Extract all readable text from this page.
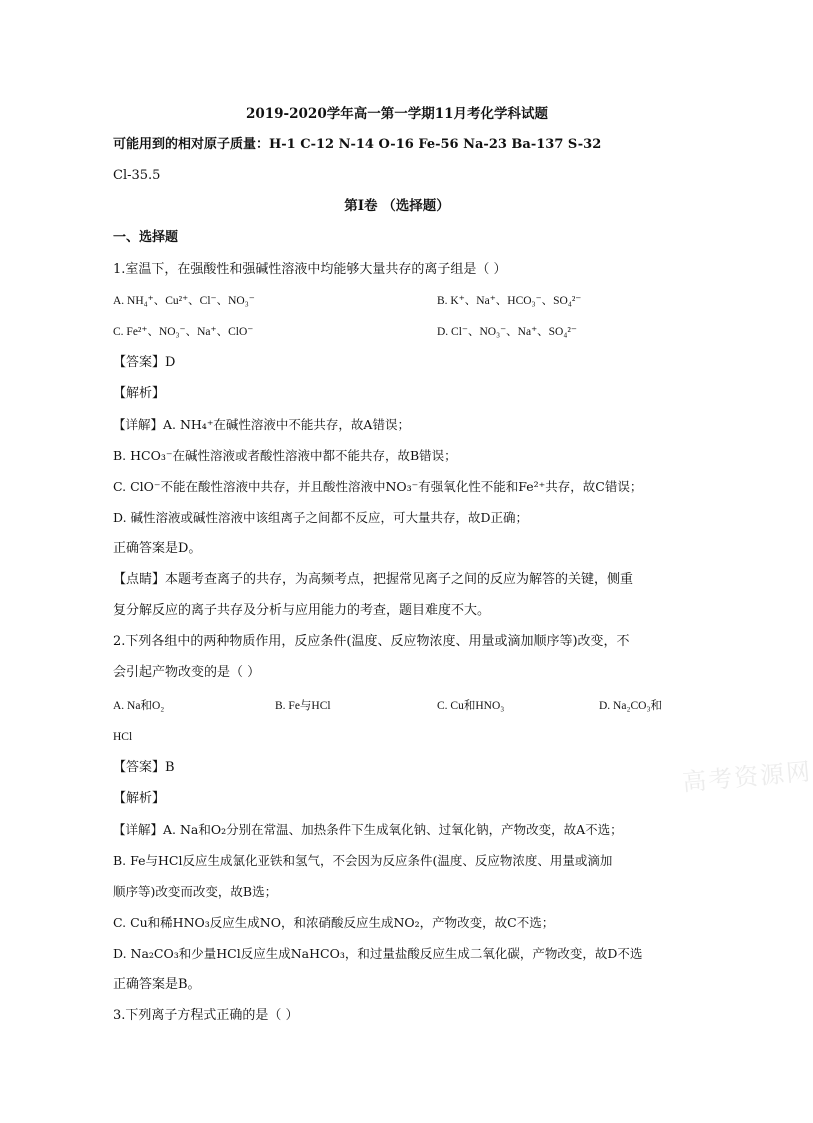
2019-2020学年高一第一学期11月考化学科试题
可能用到的相对原子质量：H-1 C-12 N-14 O-16 Fe-56 Na-23 Ba-137 S-32
Cl-35.5
第Ⅰ卷 （选择题）
一、选择题
1.室温下，在强酸性和强碱性溶液中均能够大量共存的离子组是（ ）
A. NH₄⁺、Cu²⁺、Cl⁻、NO₃⁻	B. K⁺、Na⁺、HCO₃⁻、SO₄²⁻
C. Fe²⁺、NO₃⁻、Na⁺、ClO⁻	D. Cl⁻、NO₃⁻、Na⁺、SO₄²⁻
【答案】D
【解析】
【详解】A. NH₄⁺在碱性溶液中不能共存，故A错误；
B. HCO₃⁻在碱性溶液或者酸性溶液中都不能共存，故B错误；
C. ClO⁻不能在酸性溶液中共存，并且酸性溶液中NO₃⁻有强氧化性不能和Fe²⁺共存，故C错误；
D. 碱性溶液或碱性溶液中该组离子之间都不反应，可大量共存，故D正确；
正确答案是D。
【点睛】本题考查离子的共存，为高频考点，把握常见离子之间的反应为解答的关键，侧重
复分解反应的离子共存及分析与应用能力的考查，题目难度不大。
2.下列各组中的两种物质作用，反应条件(温度、反应物浓度、用量或滴加顺序等)改变，不
会引起产物改变的是（ ）
A. Na和O₂	B. Fe与HCl	C. Cu和HNO₃	D. Na₂CO₃和
HCl
【答案】B
【解析】
【详解】A. Na和O₂分别在常温、加热条件下生成氧化钠、过氧化钠，产物改变，故A不选；
B. Fe与HCl反应生成氯化亚铁和氢气，不会因为反应条件(温度、反应物浓度、用量或滴加
顺序等)改变而改变，故B选；
C. Cu和稀HNO₃反应生成NO，和浓硝酸反应生成NO₂，产物改变，故C不选；
D. Na₂CO₃和少量HCl反应生成NaHCO₃，和过量盐酸反应生成二氧化碳，产物改变，故D不选
正确答案是B。
3.下列离子方程式正确的是（ ）
高考资源网
